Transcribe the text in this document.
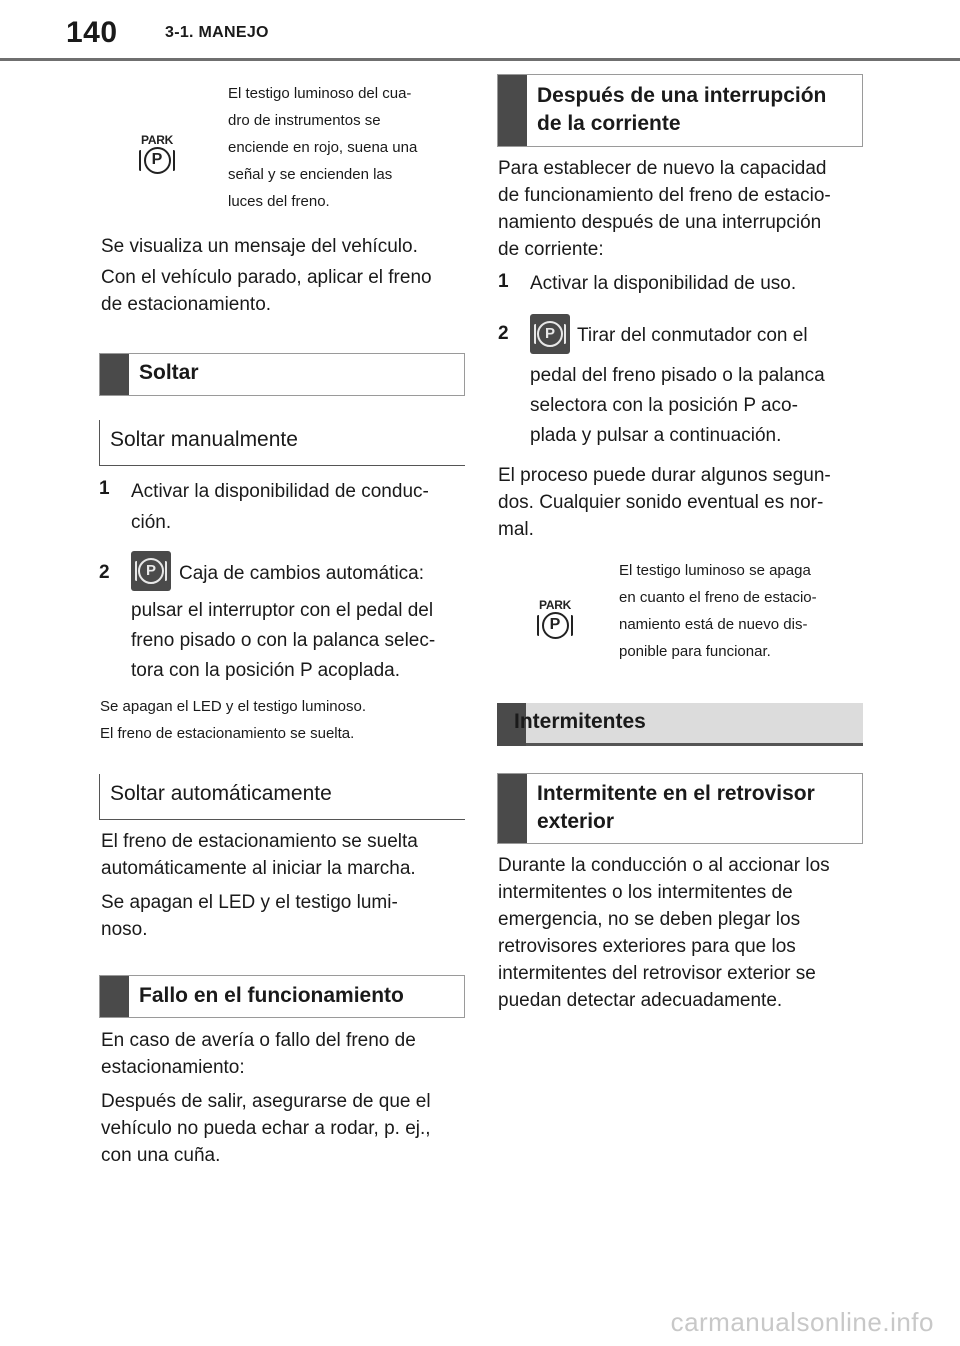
140	3-1. MANEJO
PARK
P
El testigo luminoso del cua-
dro de instrumentos se
enciende en rojo, suena una
señal y se encienden las
luces del freno.
Se visualiza un mensaje del vehículo.
Con el vehículo parado, aplicar el freno
de estacionamiento.
Soltar
Soltar manualmente
1 Activar la disponibilidad de conduc-
ción.
2	P	Caja de cambios automática:
pulsar el interruptor con el pedal del
freno pisado o con la palanca selec-
tora con la posición P acoplada.
Se apagan el LED y el testigo luminoso.
El freno de estacionamiento se suelta.
Soltar automáticamente
El freno de estacionamiento se suelta
automáticamente al iniciar la marcha.
Se apagan el LED y el testigo lumi-
noso.
Fallo en el funcionamiento
En caso de avería o fallo del freno de
estacionamiento:
Después de salir, asegurarse de que el
vehículo no pueda echar a rodar, p. ej.,
con una cuña.
Después de una interrupción
de la corriente
Para establecer de nuevo la capacidad
de funcionamiento del freno de estacio-
namiento después de una interrupción
de corriente:
1 Activar la disponibilidad de uso.
2	P	Tirar del conmutador con el
pedal del freno pisado o la palanca
selectora con la posición P aco-
plada y pulsar a continuación.
El proceso puede durar algunos segun-
dos. Cualquier sonido eventual es nor-
mal.
PARK
P
El testigo luminoso se apaga
en cuanto el freno de estacio-
namiento está de nuevo dis-
ponible para funcionar.
Intermitentes
Intermitente en el retrovisor
exterior
Durante la conducción o al accionar los
intermitentes o los intermitentes de
emergencia, no se deben plegar los
retrovisores exteriores para que los
intermitentes del retrovisor exterior se
puedan detectar adecuadamente.
carmanualsonline.info
